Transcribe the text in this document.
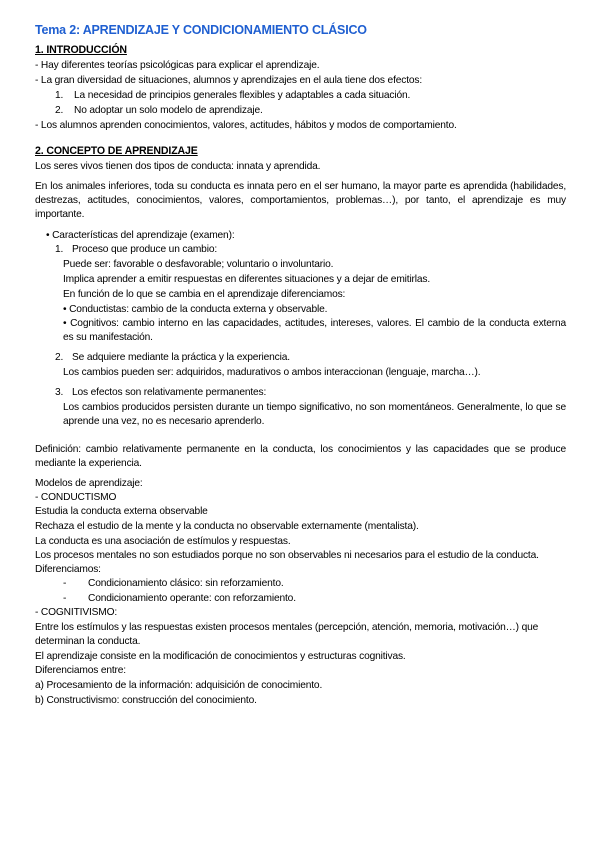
Tema 2: APRENDIZAJE Y CONDICIONAMIENTO CLÁSICO
1. INTRODUCCIÓN
- Hay diferentes teorías psicológicas para explicar el aprendizaje.
- La gran diversidad de situaciones, alumnos y aprendizajes en el aula tiene dos efectos:
1. La necesidad de principios generales flexibles y adaptables a cada situación.
2. No adoptar un solo modelo de aprendizaje.
- Los alumnos aprenden conocimientos, valores, actitudes, hábitos y modos de comportamiento.
2. CONCEPTO DE APRENDIZAJE
Los seres vivos tienen dos tipos de conducta: innata y aprendida.
En los animales inferiores, toda su conducta es innata pero en el ser humano, la mayor parte es aprendida (habilidades,
destrezas, actitudes, conocimientos, valores, comportamientos, problemas…), por tanto, el aprendizaje es muy
importante.
• Características del aprendizaje (examen):
1. Proceso que produce un cambio:
Puede ser: favorable o desfavorable; voluntario o involuntario.
Implica aprender a emitir respuestas en diferentes situaciones y a dejar de emitirlas.
En función de lo que se cambia en el aprendizaje diferenciamos:
• Conductistas: cambio de la conducta externa y observable.
• Cognitivos: cambio interno en las capacidades, actitudes, intereses, valores. El cambio de la conducta externa
es su manifestación.
2. Se adquiere mediante la práctica y la experiencia.
Los cambios pueden ser: adquiridos, madurativos o ambos interaccionan (lenguaje, marcha…).
3. Los efectos son relativamente permanentes:
Los cambios producidos persisten durante un tiempo significativo, no son momentáneos. Generalmente, lo que se
aprende una vez, no es necesario aprenderlo.
Definición: cambio relativamente permanente en la conducta, los conocimientos y las capacidades que se produce
mediante la experiencia.
Modelos de aprendizaje:
- CONDUCTISMO
Estudia la conducta externa observable
Rechaza el estudio de la mente y la conducta no observable externamente (mentalista).
La conducta es una asociación de estímulos y respuestas.
Los procesos mentales no son estudiados porque no son observables ni necesarios para el estudio de la conducta.
Diferenciamos:
- Condicionamiento clásico: sin reforzamiento.
- Condicionamiento operante: con reforzamiento.
- COGNITIVISMO:
Entre los estímulos y las respuestas existen procesos mentales (percepción, atención, memoria, motivación…) que
determinan la conducta.
El aprendizaje consiste en la modificación de conocimientos y estructuras cognitivas.
Diferenciamos entre:
a) Procesamiento de la información: adquisición de conocimiento.
b) Constructivismo: construcción del conocimiento.
